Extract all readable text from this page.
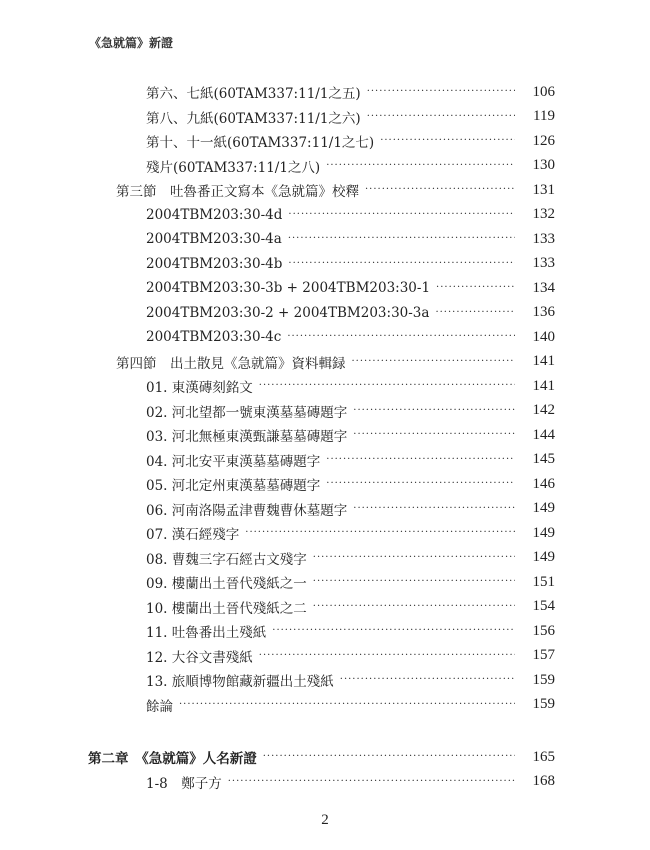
《急就篇》新證
第六、七紙(60TAM337:11/1之五) ·····	106
第八、九紙(60TAM337:11/1之六) ·····	119
第十、十一紙(60TAM337:11/1之七) ·····	126
殘片(60TAM337:11/1之八) ·····	130
第三節　吐魯番正文寫本《急就篇》校釋 ·····	131
2004TBM203:30-4d ·····	132
2004TBM203:30-4a ·····	133
2004TBM203:30-4b ·····	133
2004TBM203:30-3b + 2004TBM203:30-1 ·····	134
2004TBM203:30-2 + 2004TBM203:30-3a ·····	136
2004TBM203:30-4c ·····	140
第四節　出土散見《急就篇》資料輯録 ·····	141
01. 東漢磚刻銘文 ·····	141
02. 河北望都一號東漢墓墓磚題字 ·····	142
03. 河北無極東漢甄謙墓墓磚題字 ·····	144
04. 河北安平東漢墓墓磚題字 ·····	145
05. 河北定州東漢墓墓磚題字 ·····	146
06. 河南洛陽孟津曹魏曹休墓題字 ·····	149
07. 漢石經殘字 ·····	149
08. 曹魏三字石經古文殘字 ·····	149
09. 樓蘭出土晉代殘紙之一 ·····	151
10. 樓蘭出土晉代殘紙之二 ·····	154
11. 吐魯番出土殘紙 ·····	156
12. 大谷文書殘紙 ·····	157
13. 旅順博物館藏新疆出土殘紙 ·····	159
餘論 ·····	159
第二章　《急就篇》人名新證 ·····	165
1-8　鄭子方 ·····	168
2
